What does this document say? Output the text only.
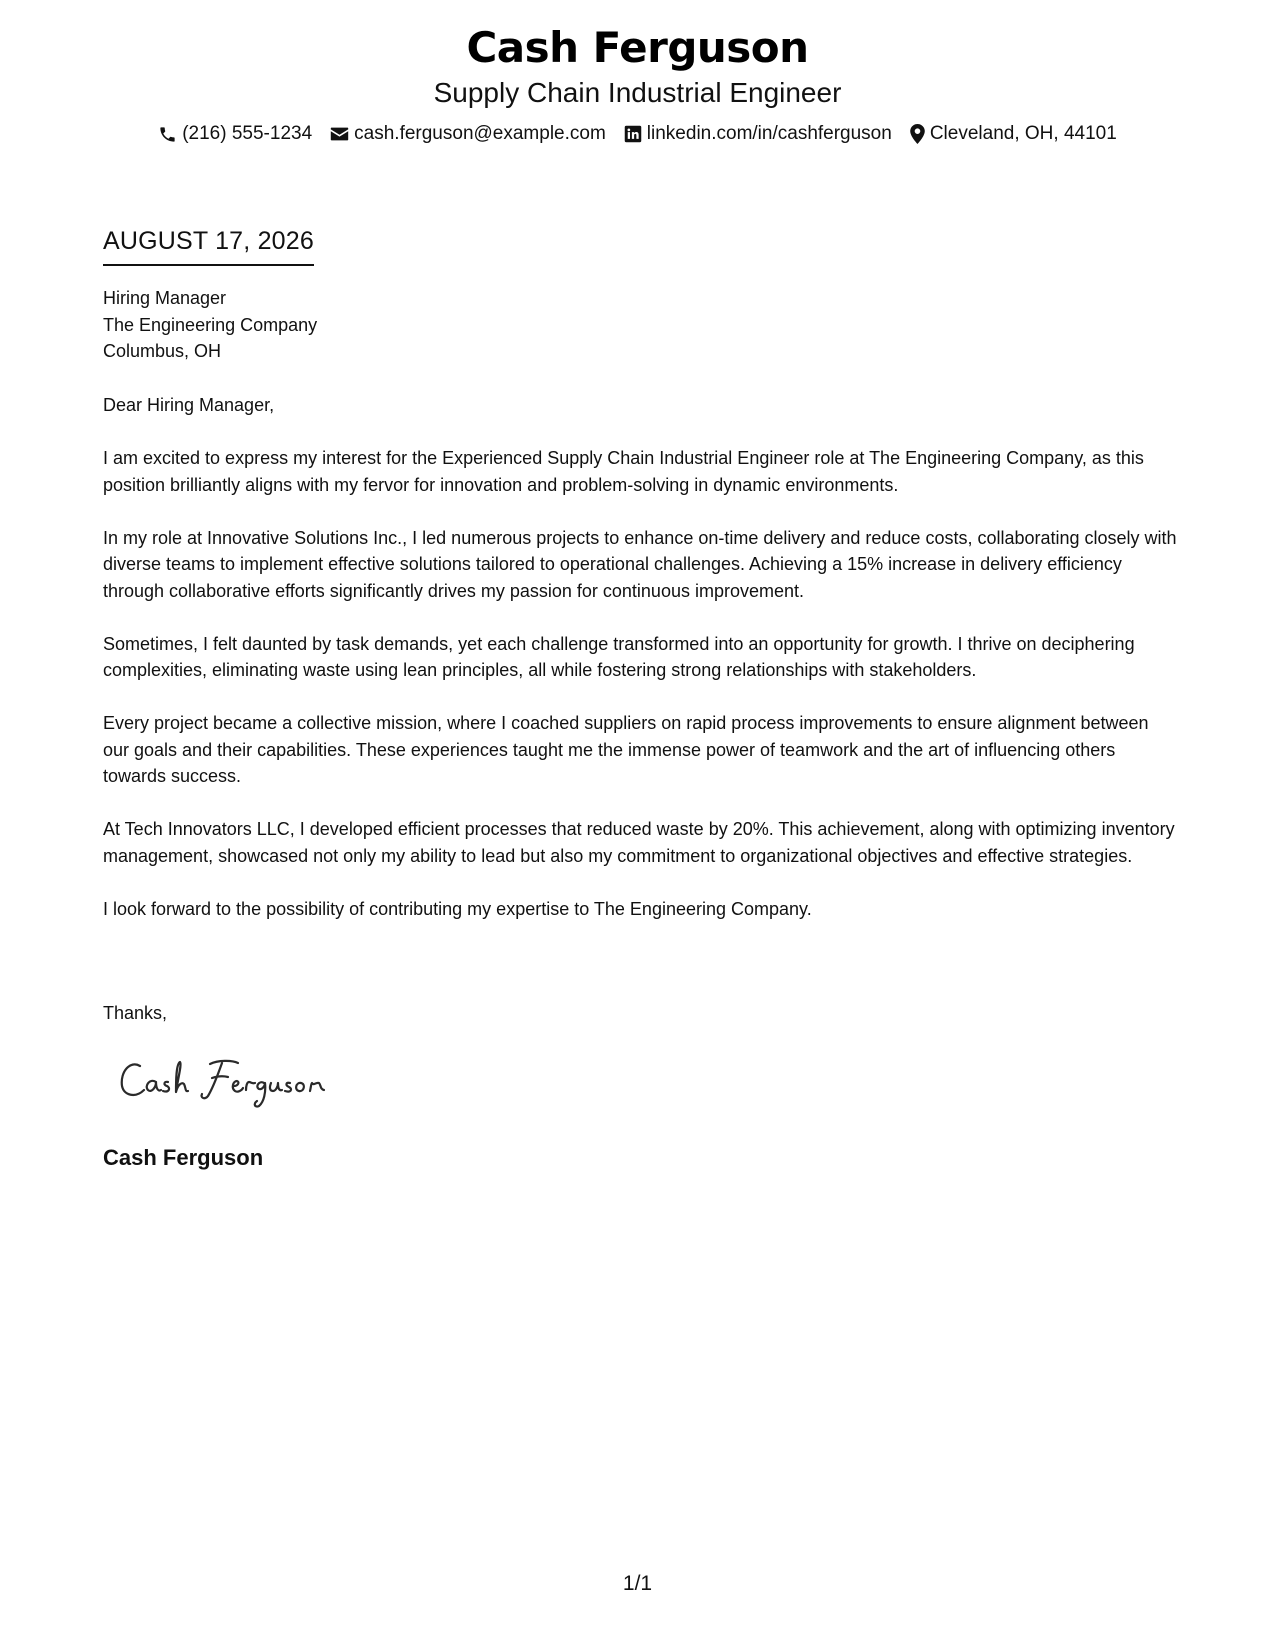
Cash Ferguson
Supply Chain Industrial Engineer
(216) 555-1234 cash.ferguson@example.com linkedin.com/in/cashferguson Cleveland, OH, 44101
AUGUST 17, 2026
Hiring Manager
The Engineering Company
Columbus, OH

Dear Hiring Manager,

I am excited to express my interest for the Experienced Supply Chain Industrial Engineer role at The Engineering Company, as this position brilliantly aligns with my fervor for innovation and problem-solving in dynamic environments.

In my role at Innovative Solutions Inc., I led numerous projects to enhance on-time delivery and reduce costs, collaborating closely with diverse teams to implement effective solutions tailored to operational challenges. Achieving a 15% increase in delivery efficiency through collaborative efforts significantly drives my passion for continuous improvement.

Sometimes, I felt daunted by task demands, yet each challenge transformed into an opportunity for growth. I thrive on deciphering complexities, eliminating waste using lean principles, all while fostering strong relationships with stakeholders.

Every project became a collective mission, where I coached suppliers on rapid process improvements to ensure alignment between our goals and their capabilities. These experiences taught me the immense power of teamwork and the art of influencing others towards success.

At Tech Innovators LLC, I developed efficient processes that reduced waste by 20%. This achievement, along with optimizing inventory management, showcased not only my ability to lead but also my commitment to organizational objectives and effective strategies.

I look forward to the possibility of contributing my expertise to The Engineering Company.

Thanks,
Cash Ferguson
1/1
